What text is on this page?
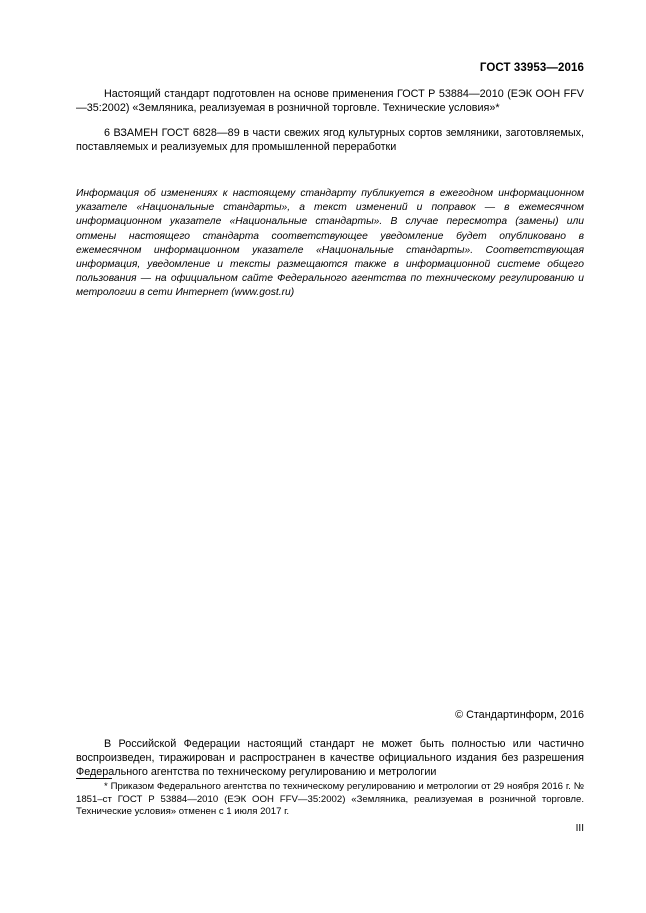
ГОСТ 33953—2016
Настоящий стандарт подготовлен на основе применения ГОСТ Р 53884—2010 (ЕЭК ООН FFV—35:2002) «Земляника, реализуемая в розничной торговле. Технические условия»*
6 ВЗАМЕН ГОСТ 6828—89 в части свежих ягод культурных сортов земляники, заготовляемых, поставляемых и реализуемых для промышленной переработки
Информация об изменениях к настоящему стандарту публикуется в ежегодном информационном указателе «Национальные стандарты», а текст изменений и поправок — в ежемесячном информационном указателе «Национальные стандарты». В случае пересмотра (замены) или отмены настоящего стандарта соответствующее уведомление будет опубликовано в ежемесячном информационном указателе «Национальные стандарты». Соответствующая информация, уведомление и тексты размещаются также в информационной системе общего пользования — на официальном сайте Федерального агентства по техническому регулированию и метрологии в сети Интернет (www.gost.ru)
© Стандартинформ, 2016
В Российской Федерации настоящий стандарт не может быть полностью или частично воспроизведен, тиражирован и распространен в качестве официального издания без разрешения Федерального агентства по техническому регулированию и метрологии
* Приказом Федерального агентства по техническому регулированию и метрологии от 29 ноября 2016 г. № 1851–ст ГОСТ Р 53884—2010 (ЕЭК ООН FFV—35:2002) «Земляника, реализуемая в розничной торговле. Технические условия» отменен с 1 июля 2017 г.
III
